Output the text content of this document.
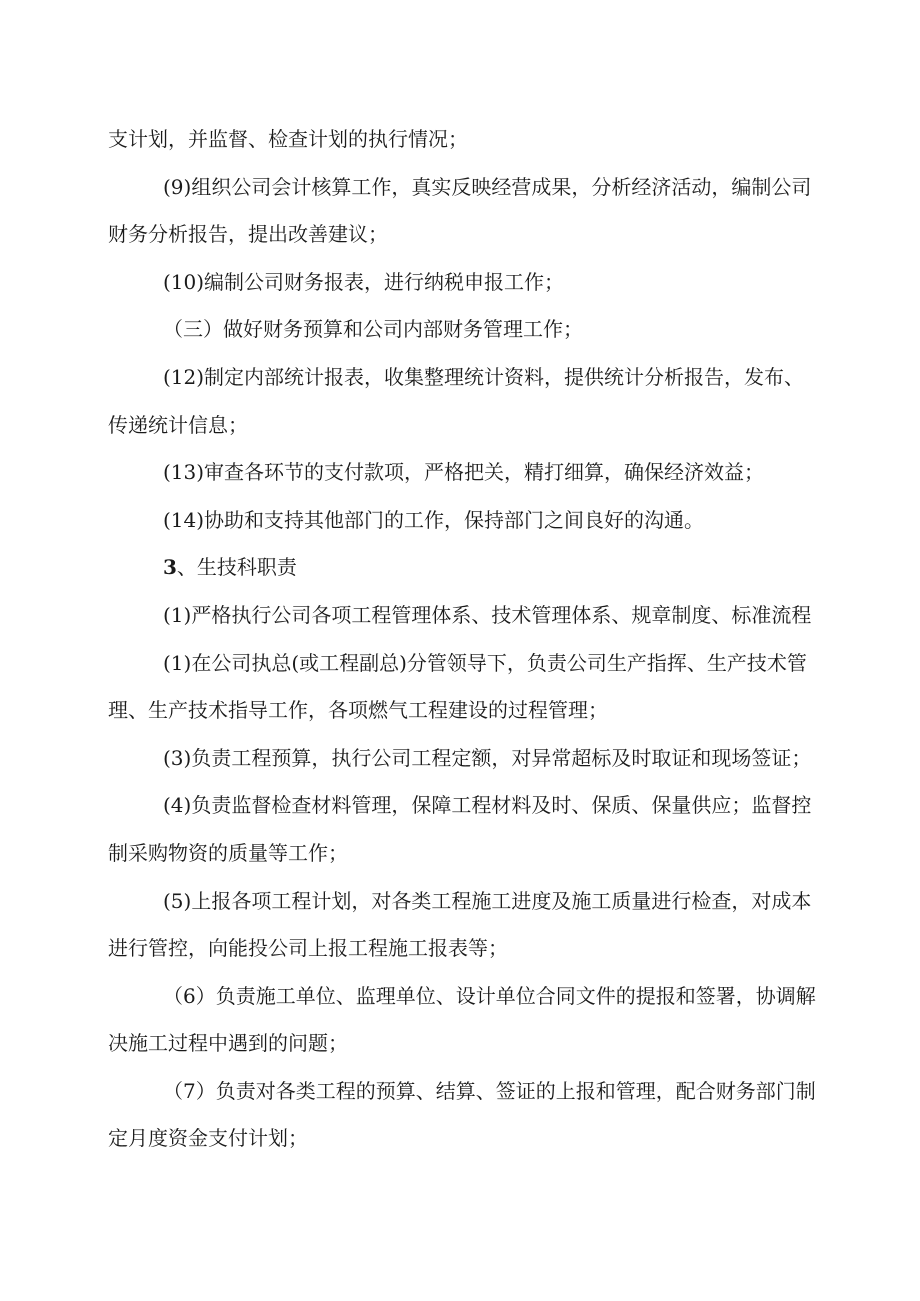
支计划，并监督、检查计划的执行情况；
(9)组织公司会计核算工作，真实反映经营成果，分析经济活动，编制公司
财务分析报告，提出改善建议；
(10)编制公司财务报表，进行纳税申报工作；
（三）做好财务预算和公司内部财务管理工作；
(12)制定内部统计报表，收集整理统计资料，提供统计分析报告，发布、
传递统计信息；
(13)审查各环节的支付款项，严格把关，精打细算，确保经济效益；
(14)协助和支持其他部门的工作，保持部门之间良好的沟通。
3、生技科职责
(1)严格执行公司各项工程管理体系、技术管理体系、规章制度、标准流程
(1)在公司执总(或工程副总)分管领导下，负责公司生产指挥、生产技术管
理、生产技术指导工作，各项燃气工程建设的过程管理；
(3)负责工程预算，执行公司工程定额，对异常超标及时取证和现场签证；
(4)负责监督检查材料管理，保障工程材料及时、保质、保量供应；监督控
制采购物资的质量等工作；
(5)上报各项工程计划，对各类工程施工进度及施工质量进行检查，对成本
进行管控，向能投公司上报工程施工报表等；
（6）负责施工单位、监理单位、设计单位合同文件的提报和签署，协调解
决施工过程中遇到的问题；
（7）负责对各类工程的预算、结算、签证的上报和管理，配合财务部门制
定月度资金支付计划；
